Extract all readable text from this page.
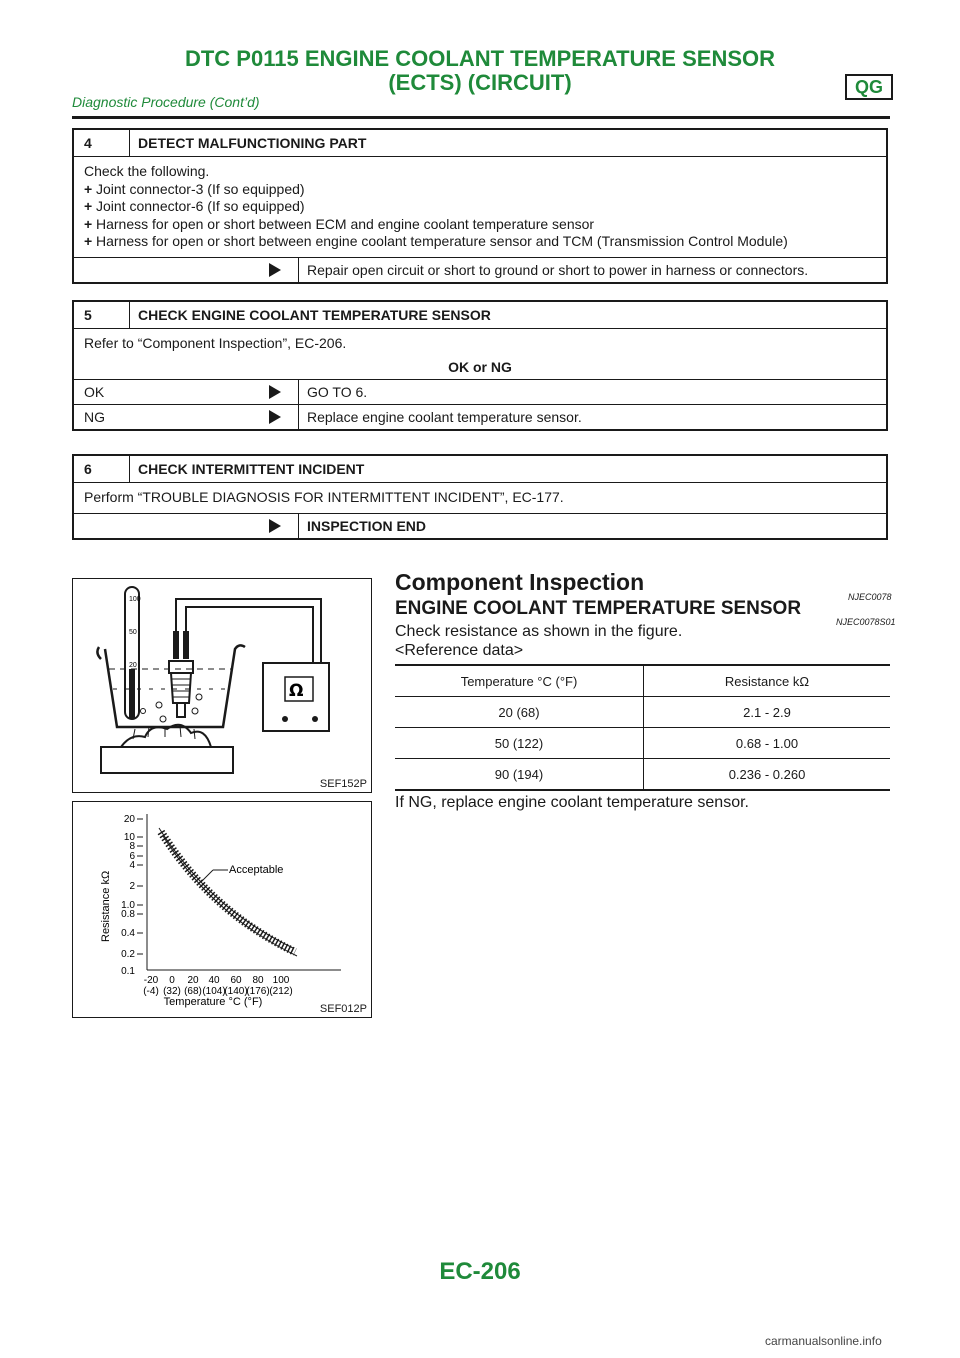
DTC P0115 ENGINE COOLANT TEMPERATURE SENSOR
(ECTS) (CIRCUIT)	QG
Diagnostic Procedure (Cont’d)
4	DETECT MALFUNCTIONING PART
Check the following.
+ Joint connector-3 (If so equipped)
+ Joint connector-6 (If so equipped)
+ Harness for open or short between ECM and engine coolant temperature sensor
+ Harness for open or short between engine coolant temperature sensor and TCM (Transmission Control Module)
Repair open circuit or short to ground or short to power in harness or connectors.
5	CHECK ENGINE COOLANT TEMPERATURE SENSOR
Refer to “Component Inspection”, EC-206.
OK or NG
OK	GO TO 6.
NG	Replace engine coolant temperature sensor.
6	CHECK INTERMITTENT INCIDENT
Perform “TROUBLE DIAGNOSIS FOR INTERMITTENT INCIDENT”, EC-177.
INSPECTION END
100
50
20
Ω
SEF152P
Resistance kΩ
20
10
8
6
4
2
1.0
0.8
0.4
0.2
0.1
Acceptable
-20 0 20 40 60 80 100
(-4) (32) (68) (104)
(140)
(176) (212)
Temperature °C (°F)
SEF012P
Component Inspection
NJEC0078
ENGINE COOLANT TEMPERATURE SENSOR
NJEC0078S01
Check resistance as shown in the figure.
<Reference data>
Temperature °C (°F)	Resistance kΩ
20 (68)	2.1 - 2.9
50 (122)	0.68 - 1.00
90 (194)	0.236 - 0.260
If NG, replace engine coolant temperature sensor.
EC-206
carmanualsonline.info
